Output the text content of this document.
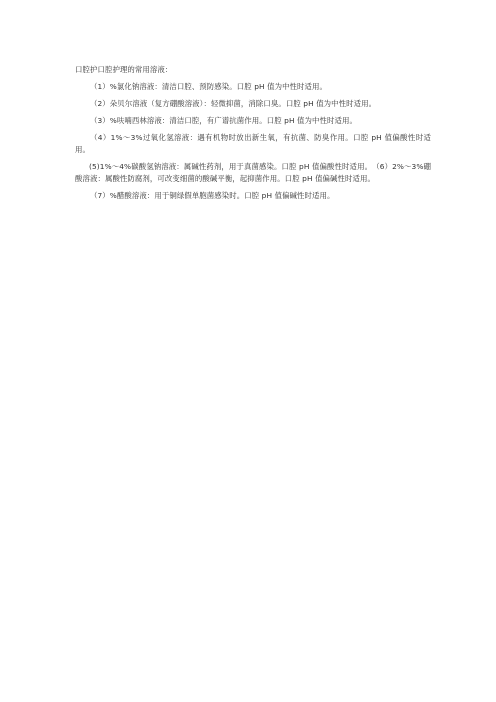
口腔护口腔护理的常用溶液：

（1）%氯化钠溶液：清洁口腔、预防感染。口腔 pH 值为中性时适用。

（2）朵贝尔溶液（复方硼酸溶液）：轻微抑菌，消除口臭。口腔 pH 值为中性时适用。

（3）%呋喃西林溶液：清洁口腔，有广谱抗菌作用。口腔 pH 值为中性时适用。

（4）1%～3%过氧化氢溶液：遇有机物时放出新生氧，有抗菌、防臭作用。口腔 pH 值偏酸性时适用。

(5)1%～4%碳酸氢钠溶液：属碱性药剂，用于真菌感染。口腔 pH 值偏酸性时适用。　（6）2%～3%硼酸溶液：属酸性防腐剂，可改变细菌的酸碱平衡，起抑菌作用。口腔 pH 值偏碱性时适用。

（7）%醋酸溶液：用于铜绿假单胞菌感染时。口腔 pH 值偏碱性时适用。
